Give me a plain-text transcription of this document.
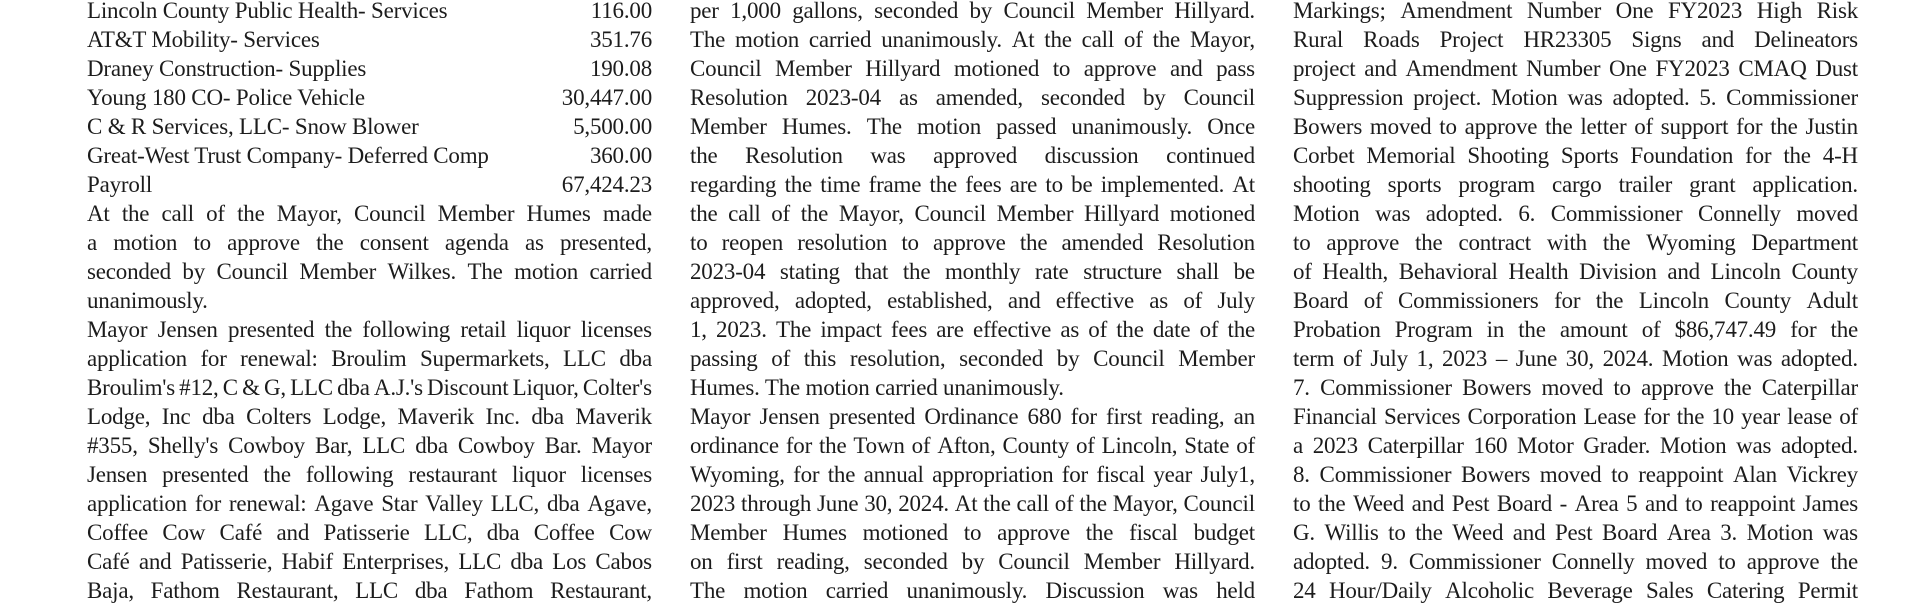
Lincoln County Public Health- Services	116.00
AT&T Mobility- Services	351.76
Draney Construction- Supplies	190.08
Young 180 CO- Police Vehicle	30,447.00
C & R Services, LLC- Snow Blower	5,500.00
Great-West Trust Company- Deferred Comp	360.00
Payroll	67,424.23
At the call of the Mayor, Council Member Humes made
a motion to approve the consent agenda as presented,
seconded by Council Member Wilkes. The motion carried
unanimously.
Mayor Jensen presented the following retail liquor licenses
application for renewal: Broulim Supermarkets, LLC dba
Broulim's #12, C & G, LLC dba A.J.'s Discount Liquor, Colter's
Lodge, Inc dba Colters Lodge, Maverik Inc. dba Maverik
#355, Shelly's Cowboy Bar, LLC dba Cowboy Bar. Mayor
Jensen presented the following restaurant liquor licenses
application for renewal: Agave Star Valley LLC, dba Agave,
Coffee Cow Café and Patisserie LLC, dba Coffee Cow
Café and Patisserie, Habif Enterprises, LLC dba Los Cabos
Baja, Fathom Restaurant, LLC dba Fathom Restaurant,
per 1,000 gallons, seconded by Council Member Hillyard.
The motion carried unanimously. At the call of the Mayor,
Council Member Hillyard motioned to approve and pass
Resolution 2023-04 as amended, seconded by Council
Member Humes. The motion passed unanimously. Once
the Resolution was approved discussion continued
regarding the time frame the fees are to be implemented. At
the call of the Mayor, Council Member Hillyard motioned
to reopen resolution to approve the amended Resolution
2023-04 stating that the monthly rate structure shall be
approved, adopted, established, and effective as of July
1, 2023. The impact fees are effective as of the date of the
passing of this resolution, seconded by Council Member
Humes. The motion carried unanimously.
Mayor Jensen presented Ordinance 680 for first reading, an
ordinance for the Town of Afton, County of Lincoln, State of
Wyoming, for the annual appropriation for fiscal year July1,
2023 through June 30, 2024. At the call of the Mayor, Council
Member Humes motioned to approve the fiscal budget
on first reading, seconded by Council Member Hillyard.
The motion carried unanimously. Discussion was held
Markings; Amendment Number One FY2023 High Risk
Rural Roads Project HR23305 Signs and Delineators
project and Amendment Number One FY2023 CMAQ Dust
Suppression project. Motion was adopted. 5. Commissioner
Bowers moved to approve the letter of support for the Justin
Corbet Memorial Shooting Sports Foundation for the 4-H
shooting sports program cargo trailer grant application.
Motion was adopted. 6. Commissioner Connelly moved
to approve the contract with the Wyoming Department
of Health, Behavioral Health Division and Lincoln County
Board of Commissioners for the Lincoln County Adult
Probation Program in the amount of $86,747.49 for the
term of July 1, 2023 – June 30, 2024. Motion was adopted.
7. Commissioner Bowers moved to approve the Caterpillar
Financial Services Corporation Lease for the 10 year lease of
a 2023 Caterpillar 160 Motor Grader. Motion was adopted.
8. Commissioner Bowers moved to reappoint Alan Vickrey
to the Weed and Pest Board - Area 5 and to reappoint James
G. Willis to the Weed and Pest Board Area 3. Motion was
adopted. 9. Commissioner Connelly moved to approve the
24 Hour/Daily Alcoholic Beverage Sales Catering Permit
